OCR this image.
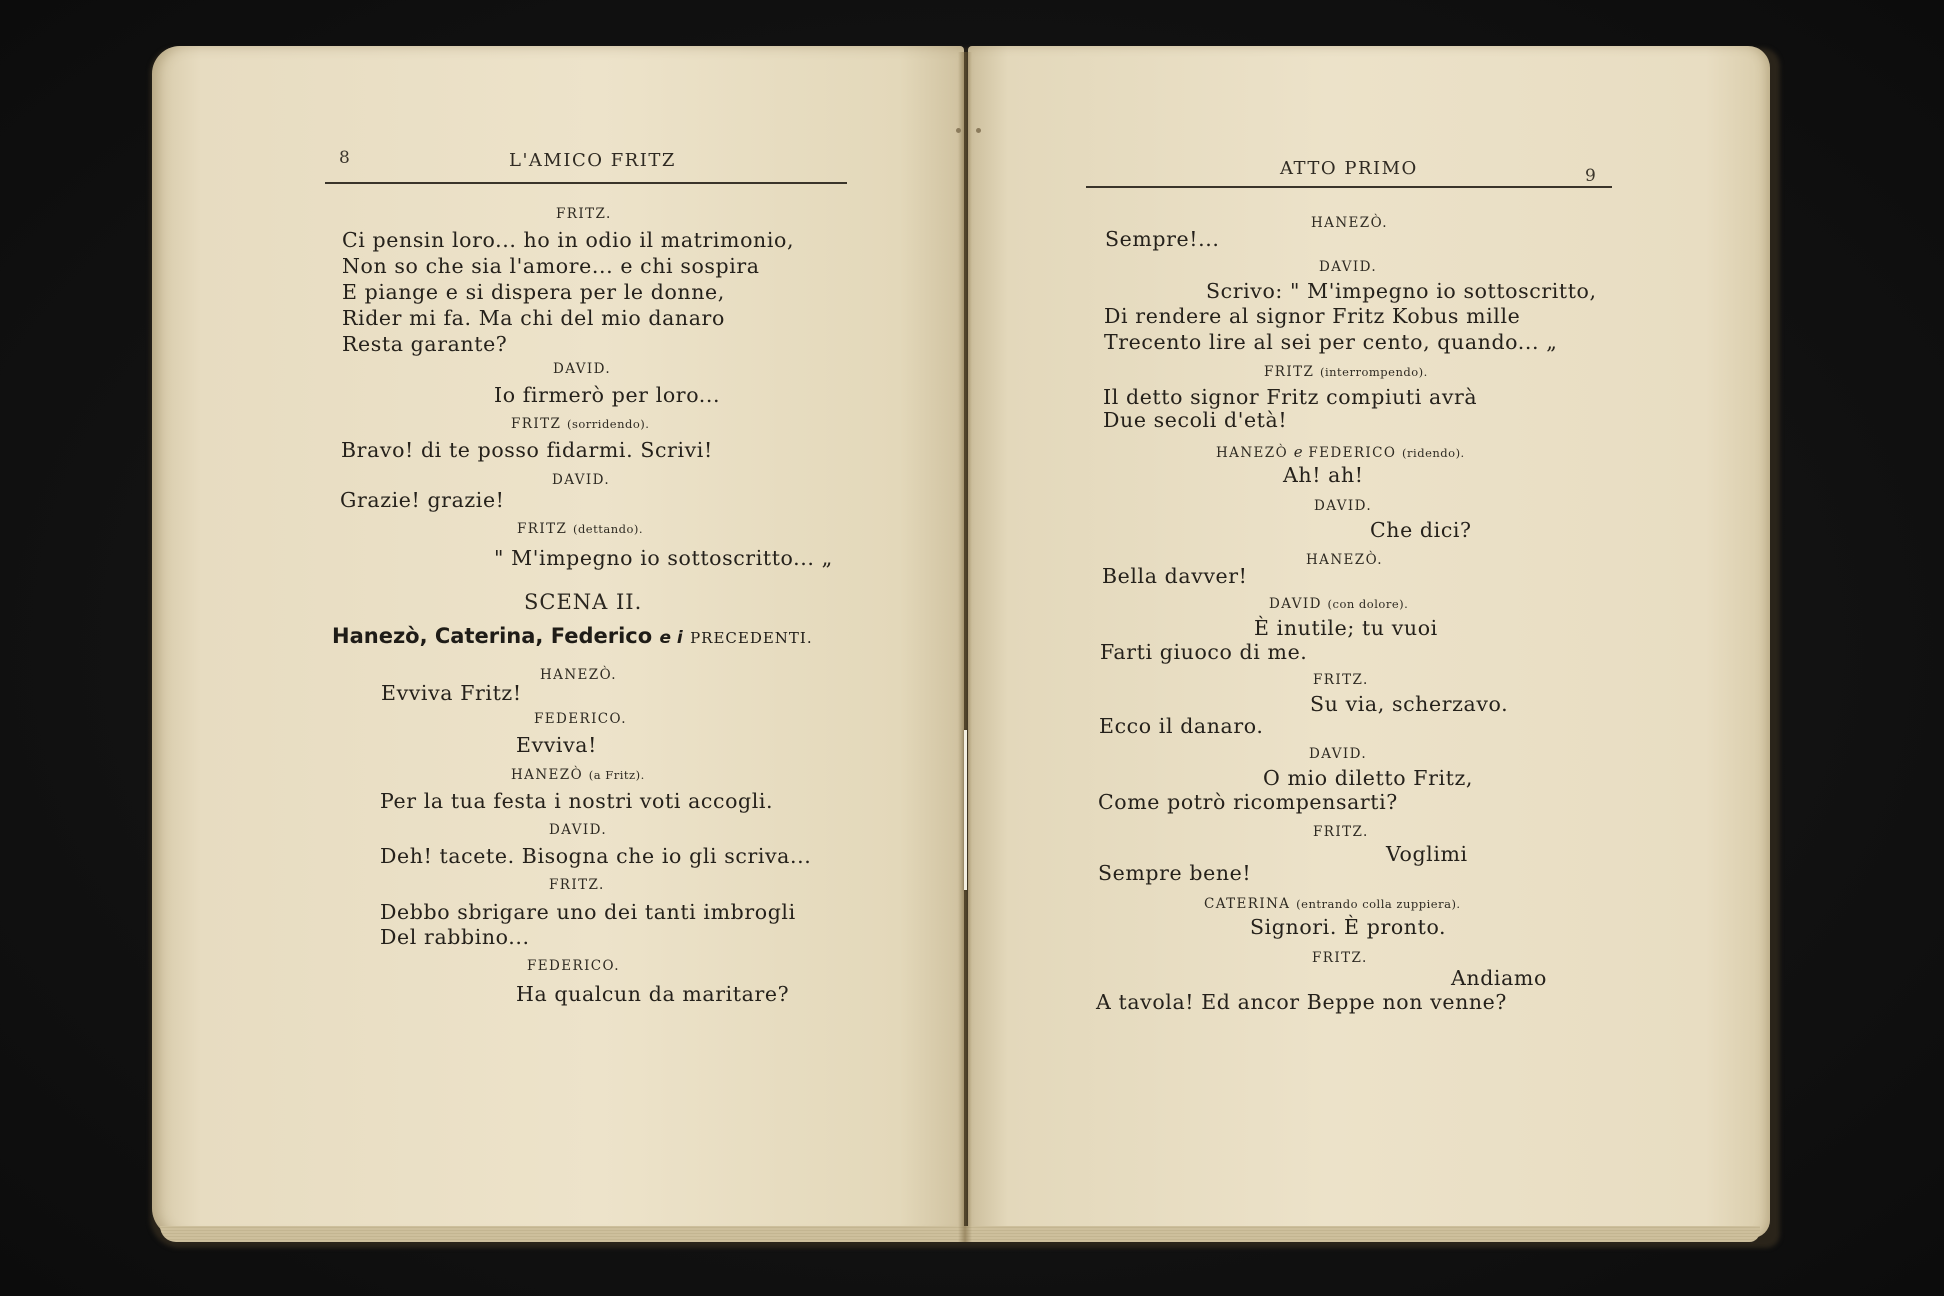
8	L'AMICO FRITZ
FRITZ.
Ci pensin loro... ho in odio il matrimonio,
Non so che sia l'amore... e chi sospira
E piange e si dispera per le donne,
Rider mi fa. Ma chi del mio danaro
Resta garante?
DAVID.
Io firmerò per loro...
FRITZ (sorridendo).
Bravo! di te posso fidarmi. Scrivi!
DAVID.
Grazie! grazie!
FRITZ (dettando).
" M'impegno io sottoscritto... „
SCENA II.
Hanezò, Caterina, Federico e i PRECEDENTI.
HANEZÒ.
Evviva Fritz!
FEDERICO.
Evviva!
HANEZÒ (a Fritz).
Per la tua festa i nostri voti accogli.
DAVID.
Deh! tacete. Bisogna che io gli scriva...
FRITZ.
Debbo sbrigare uno dei tanti imbrogli
Del rabbino...
FEDERICO.
Ha qualcun da maritare?
ATTO PRIMO	9
HANEZÒ.
Sempre!...
DAVID.
Scrivo: " M'impegno io sottoscritto,
Di rendere al signor Fritz Kobus mille
Trecento lire al sei per cento, quando... „
FRITZ (interrompendo).
Il detto signor Fritz compiuti avrà
Due secoli d'età!
HANEZÒ e FEDERICO (ridendo).
Ah! ah!
DAVID.
Che dici?
HANEZÒ.
Bella davver!
DAVID (con dolore).
È inutile; tu vuoi
Farti giuoco di me.
FRITZ.
Su via, scherzavo.
Ecco il danaro.
DAVID.
O mio diletto Fritz,
Come potrò ricompensarti?
FRITZ.
Voglimi
Sempre bene!
CATERINA (entrando colla zuppiera).
Signori. È pronto.
FRITZ.
Andiamo
A tavola! Ed ancor Beppe non venne?
